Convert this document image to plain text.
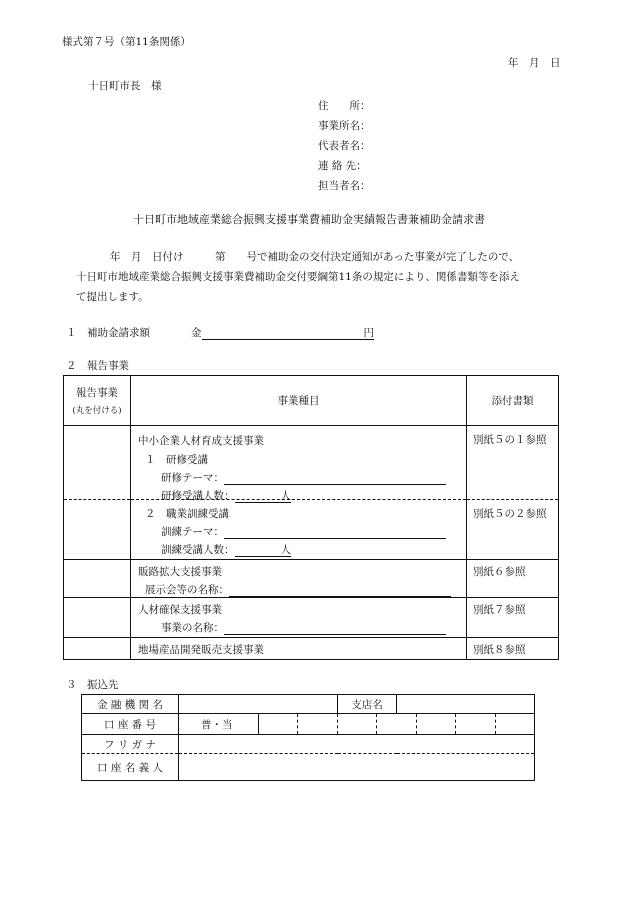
様式第７号（第11条関係）
年　月　日
十日町市長　様
住　　所：
事業所名：
代表者名：
連 絡 先：
担当者名：
十日町市地域産業総合振興支援事業費補助金実績報告書兼補助金請求書
年　月　日付け　　　第　　号で補助金の交付決定通知があった事業が完了したので、
十日町市地域産業総合振興支援事業費補助金交付要綱第11条の規定により、関係書類等を添え
て提出します。
１　補助金請求額	金	円
２　報告事業
報告事業
(丸を付ける)	事業種目	添付書類

	中小企業人材育成支援事業
１　研修受講
研修テーマ：
研修受講人数： 人	別紙５の１参照

	２　職業訓練受講
訓練テーマ：
訓練受講人数： 人	別紙５の２参照

	販路拡大支援事業
展示会等の名称：	別紙６参照

	人材確保支援事業
事業の名称：	別紙７参照
	地場産品開発販売支援事業	別紙８参照
３　振込先
金 融 機 関 名		支店名	
口 座 番 号	普・当		

フ リ ガ ナ			
口 座 名 義 人			
